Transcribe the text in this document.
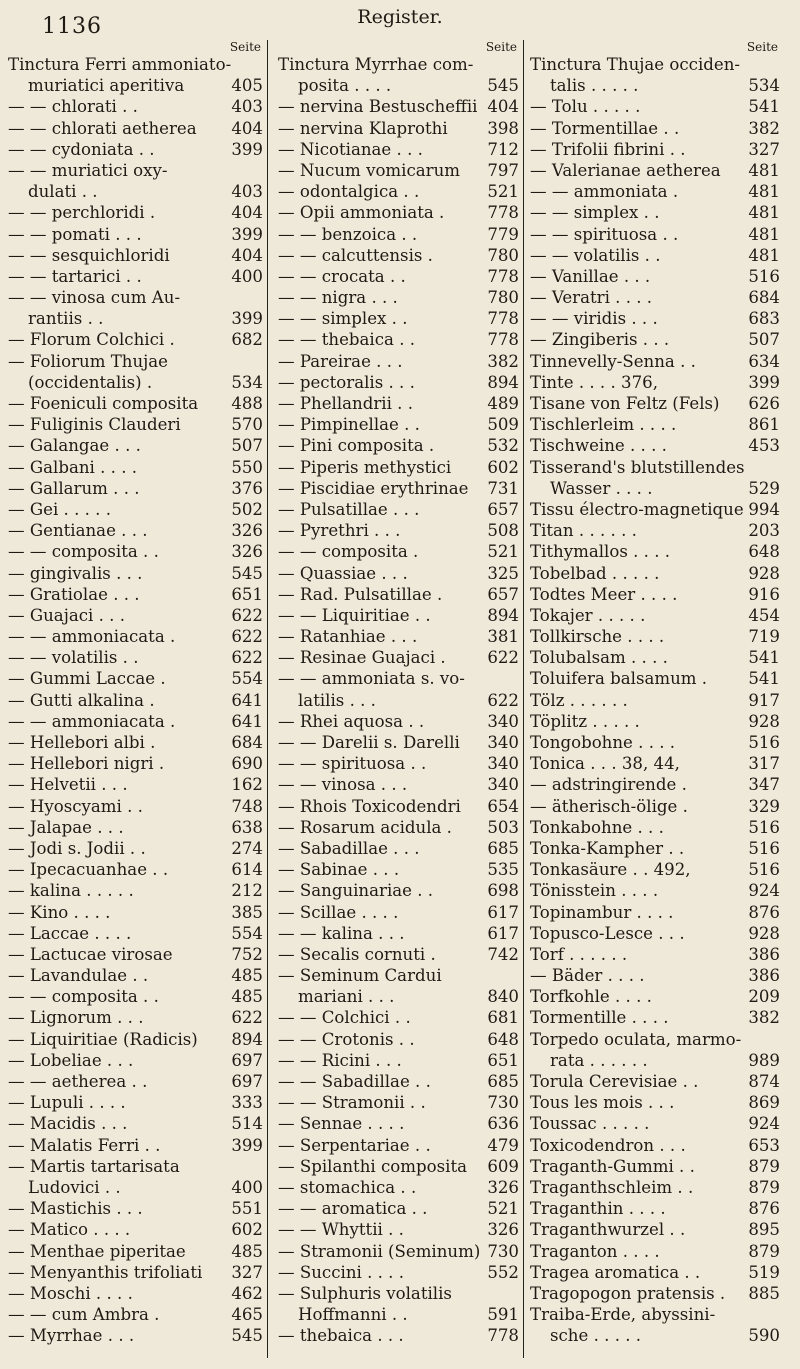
1136	Register.
Seite
Tinctura Ferri ammoniato-
muriatici aperitiva	405
— — chlorati . .	403
— — chlorati aetherea 404
— — cydoniata . .	399
— — muriatici oxy-
dulati . .	403
— — perchloridi .	404
— — pomati . . .	399
— — sesquichloridi	404
— — tartarici . .	400
— — vinosa cum Au-
rantiis . .	399
— Florum Colchici .	682
— Foliorum Thujae
(occidentalis) .	534
— Foeniculi composita 488
— Fuliginis Clauderi	570
— Galangae . . .	507
— Galbani . . . .	550
— Gallarum . . .	376
— Gei . . . . .	502
— Gentianae . . .	326
— — composita . .	326
— gingivalis . . .	545
— Gratiolae . . .	651
— Guajaci . . .	622
— — ammoniacata .	622
— — volatilis . .	622
— Gummi Laccae .	554
— Gutti alkalina .	641
— — ammoniacata .	641
— Hellebori albi .	684
— Hellebori nigri .	690
— Helvetii . . .	162
— Hyoscyami . .	748
— Jalapae . . .	638
— Jodi s. Jodii . .	274
— Ipecacuanhae . .	614
— kalina . . . . .	212
— Kino . . . .	385
— Laccae . . . .	554
— Lactucae virosae	752
— Lavandulae . .	485
— — composita . .	485
— Lignorum . . .	622
— Liquiritiae (Radicis) 894
— Lobeliae . . .	697
— — aetherea . .	697
— Lupuli . . . .	333
— Macidis . . .	514
— Malatis Ferri . .	399
— Martis tartarisata
Ludovici . .	400
— Mastichis . . .	551
— Matico . . . .	602
— Menthae piperitae	485
— Menyanthis trifoliati 327
— Moschi . . . .	462
— — cum Ambra .	465
— Myrrhae . . .	545
Seite
Tinctura Myrrhae com-
posita . . . .	545
— nervina Bestuscheffii 404
— nervina Klaprothi 398
— Nicotianae . . .	712
— Nucum vomicarum 797
— odontalgica . .	521
— Opii ammoniata .	778
— — benzoica . .	779
— — calcuttensis .	780
— — crocata . .	778
— — nigra . . .	780
— — simplex . .	778
— — thebaica . .	778
— Pareirae . . .	382
— pectoralis . . .	894
— Phellandrii . .	489
— Pimpinellae . .	509
— Pini composita .	532
— Piperis methystici 602
— Piscidiae erythrinae 731
— Pulsatillae . . .	657
— Pyrethri . . .	508
— — composita .	521
— Quassiae . . .	325
— Rad. Pulsatillae .	657
— — Liquiritiae . .	894
— Ratanhiae . . .	381
— Resinae Guajaci .	622
— — ammoniata s. vo-
latilis . . .	622
— Rhei aquosa . .	340
— — Darelii s. Darelli 340
— — spirituosa . .	340
— — vinosa . . .	340
— Rhois Toxicodendri 654
— Rosarum acidula . 503
— Sabadillae . . .	685
— Sabinae . . .	535
— Sanguinariae . .	698
— Scillae . . . .	617
— — kalina . . .	617
— Secalis cornuti .	742
— Seminum Cardui
mariani . . .	840
— — Colchici . .	681
— — Crotonis . .	648
— — Ricini . . .	651
— — Sabadillae . .	685
— — Stramonii . .	730
— Sennae . . . .	636
— Serpentariae . .	479
— Spilanthi composita 609
— stomachica . .	326
— — aromatica . .	521
— — Whyttii . .	326
— Stramonii (Seminum) 730
— Succini . . . .	552
— Sulphuris volatilis
Hoffmanni . .	591
— thebaica . . .	778
Seite
Tinctura Thujae occiden-
talis . . . . .	534
— Tolu . . . . .	541
— Tormentillae . .	382
— Trifolii fibrini . .	327
— Valerianae aetherea 481
— — ammoniata .	481
— — simplex . .	481
— — spirituosa . .	481
— — volatilis . .	481
— Vanillae . . .	516
— Veratri . . . .	684
— — viridis . . .	683
— Zingiberis . . .	507
Tinnevelly-Senna . .	634
Tinte . . . . 376,	399
Tisane von Feltz (Fels) 626
Tischlerleim . . . .	861
Tischweine . . . .	453
Tisserand's blutstillendes
Wasser . . . .	529
Tissu électro-magnetique 994
Titan . . . . . .	203
Tithymallos . . . .	648
Tobelbad . . . . .	928
Todtes Meer . . . .	916
Tokajer . . . . .	454
Tollkirsche . . . .	719
Tolubalsam . . . .	541
Toluifera balsamum . 541
Tölz . . . . . .	917
Töplitz . . . . .	928
Tongobohne . . . .	516
Tonica . . . 38, 44,	317
— adstringirende .	347
— ätherisch-ölige .	329
Tonkabohne . . .	516
Tonka-Kampher . .	516
Tonkasäure . . 492,	516
Tönisstein . . . .	924
Topinambur . . . .	876
Topusco-Lesce . . .	928
Torf . . . . . .	386
— Bäder . . . .	386
Torfkohle . . . .	209
Tormentille . . . .	382
Torpedo oculata, marmo-
rata . . . . . .	989
Torula Cerevisiae . .	874
Tous les mois . . .	869
Toussac . . . . .	924
Toxicodendron . . .	653
Traganth-Gummi . .	879
Traganthschleim . .	879
Traganthin . . . .	876
Traganthwurzel . .	895
Traganton . . . .	879
Tragea aromatica . .	519
Tragopogon pratensis . 885
Traiba-Erde, abyssini-
sche . . . . .	590
